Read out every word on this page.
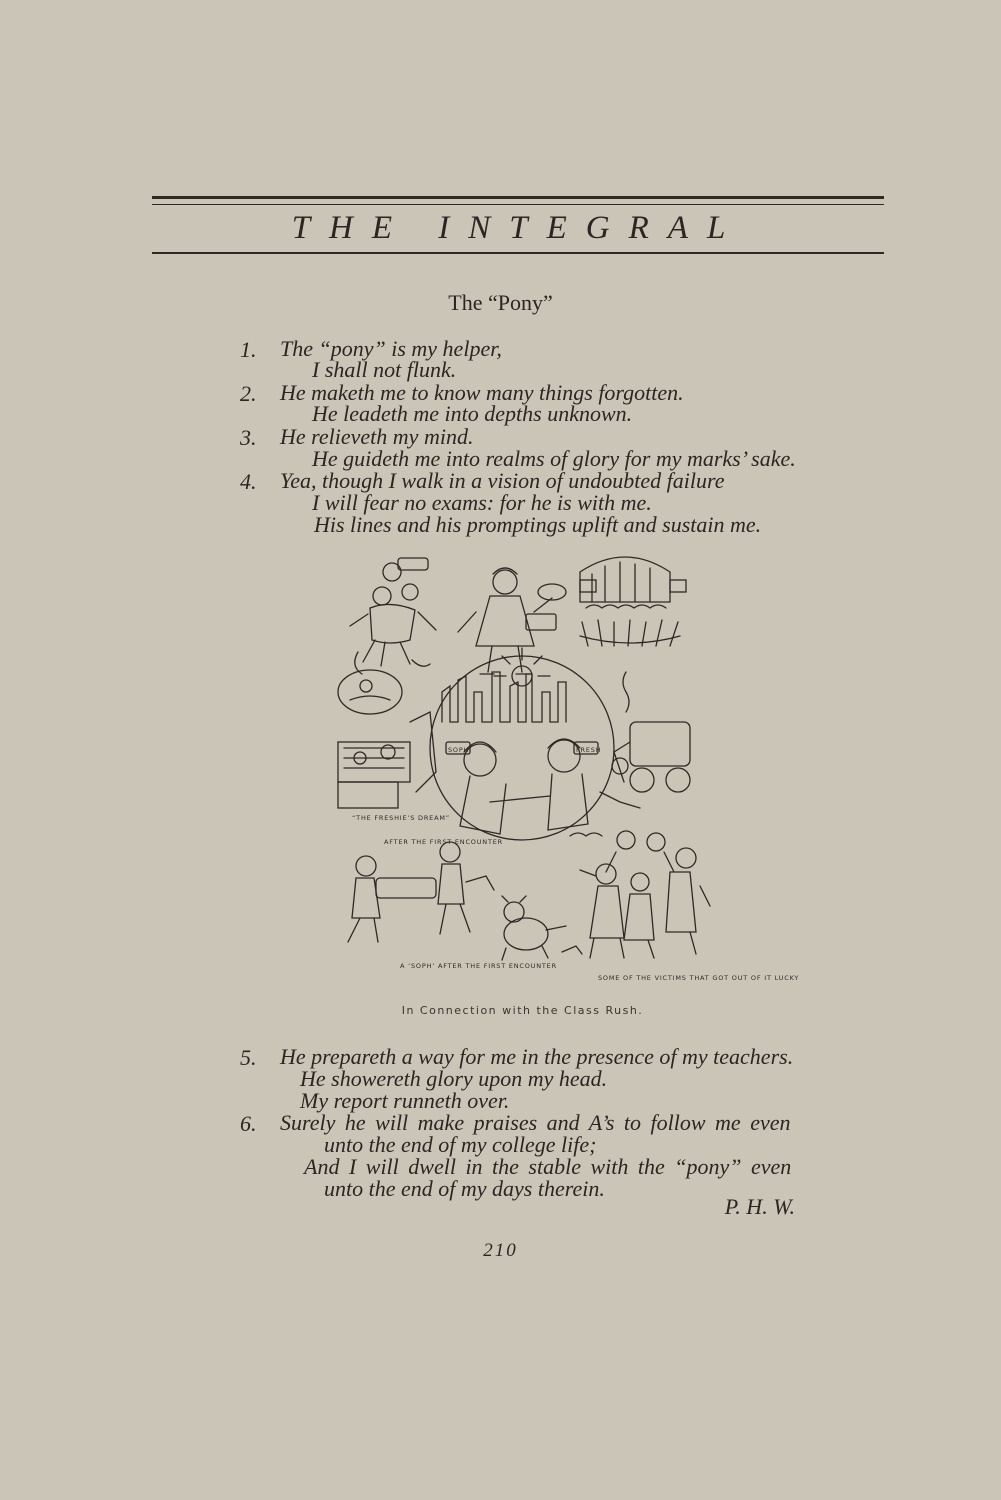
THE INTEGRAL
The “Pony”
1. The “pony” is my helper,
I shall not flunk.
2. He maketh me to know many things forgotten.
He leadeth me into depths unknown.
3. He relieveth my mind.
He guideth me into realms of glory for my marks’ sake.
4. Yea, though I walk in a vision of undoubted failure
I will fear no exams: for he is with me.
His lines and his promptings uplift and sustain me.
“THE FRESHIE’S DREAM”
AFTER THE FIRST ENCOUNTER
A ‘SOPH’ AFTER THE FIRST ENCOUNTER
SOME OF THE VICTIMS THAT GOT OUT OF IT LUCKY
SOPH	FRESH
In Connection with the Class Rush.
5. He prepareth a way for me in the presence of my teachers.
He showereth glory upon my head.
My report runneth over.
6. Surely he will make praises and A’s to follow me even
unto the end of my college life;
And I will dwell in the stable with the “pony” even
unto the end of my days therein.
P. H. W.
210
